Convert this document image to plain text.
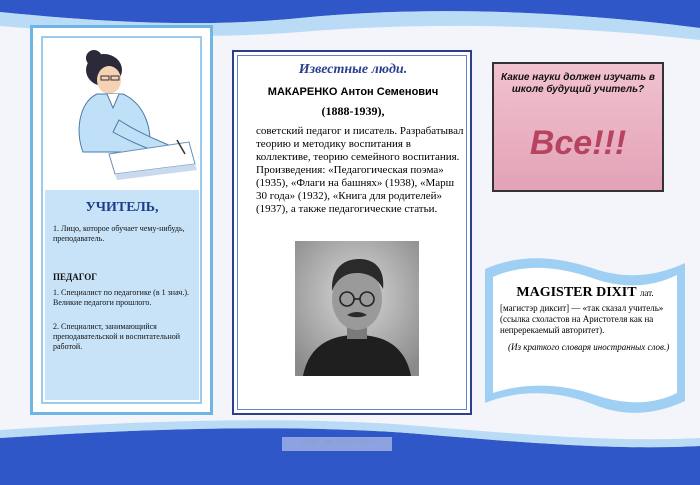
УЧИТЕЛЬ,
1. Лицо, которое обучает чему-нибудь, преподаватель.
ПЕДАГОГ
1. Специалист по педагогике (в 1 знач.). Великие педагоги прошлого.
2. Специалист, занимающийся преподавательской и воспитательной работой.
Известные люди.
МАКАРЕНКО Антон Семенович
(1888-1939),
советский педагог и писатель. Разрабатывал теорию и методику воспитания в коллективе, теорию семейного воспитания. Произведения: «Педагогическая поэма» (1935), «Флаги на башнях» (1938), «Марш 30 года» (1932), «Книга для родителей» (1937), а также педагогические статьи.
Какие науки должен изучать в школе будущий учитель?
Все!!!
MAGISTER DIXIT лат.
[магистэр диксит] — «так сказал учитель» (ссылка схоластов на Аристотеля как на непререкаемый авторитет).
(Из краткого словаря иностранных слов.)
УЧЕ. М. ВЕРТЕН
